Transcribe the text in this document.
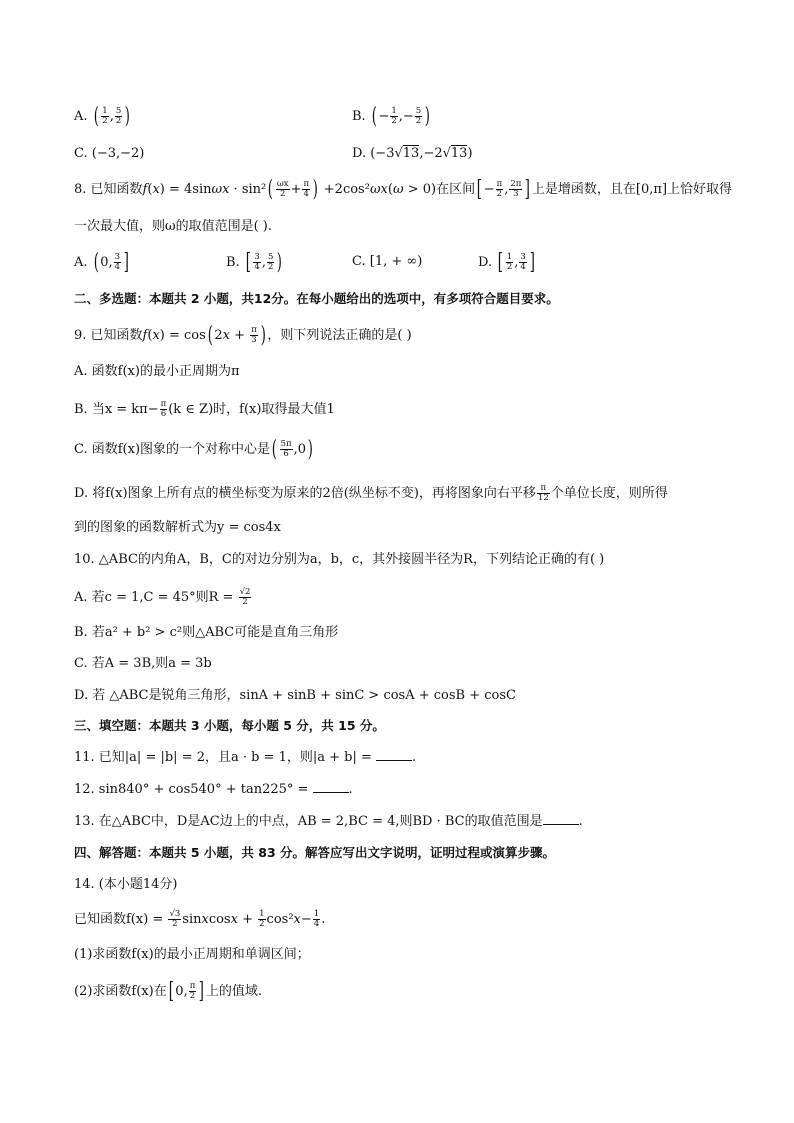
A. ( $\frac{1}{2}$ , $\frac{5}{2}$ )	B. ( − $\frac{1}{2}$ ,− $\frac{5}{2}$ )
C. (−3,−2)	D. (−3√13,−2√13)
8. 已知函数$f(x) = 4\sin\omega x \cdot \sin^2( \frac{\omega x}{2} + \frac{\pi}{4}$ ) +2cos²ωx(ω > 0)在区间[ − $\frac{\pi}{2}$ , $\frac{2\pi}{3}$ ] 上是增函数，且在[0,π]上恰好取得
一次最大值，则ω的取值范围是( ).
A. ( 0, $\frac{3}{4}$ ]	B. [ $\frac{3}{4}$ , $\frac{5}{2}$ )	C. [1, + ∞)	D. [ $\frac{1}{2}$ , $\frac{3}{4}$ ]
二、多选题：本题共 2 小题，共12分。在每小题给出的选项中，有多项符合题目要求。
9. 已知函数f(x) = cos( $2x + \frac{\pi}{3}$ ) ，则下列说法正确的是( )
A. 函数f(x)的最小正周期为π
B. 当$x = k\pi- \frac{\pi}{6} (k$ ∈ Z)时，f(x)取得最大值1
C. 函数f(x)图象的一个对称中心是( $\frac{5\pi}{6} ,0$)
D. 将f(x)图象上所有点的横坐标变为原来的2倍(纵坐标不变)，再将图象向右平移 $\frac{\pi}{12}$ 个单位长度，则所得
到的图象的函数解析式为y = cos4x
10. △ABC的内角A，B，C的对边分别为a，b，c，其外接圆半径为R，下列结论正确的有( )
A. 若c = 1,C = 45°则$R = \frac{√2}{2}$
B. 若a² + b² > c²则△ABC可能是直角三角形
C. 若A = 3B,则a = 3b
D. 若 △ABC是锐角三角形，sinA + sinB + sinC > cosA + cosB + cosC
三、填空题：本题共 3 小题，每小题 5 分，共 15 分。
11. 已知|a| = |b| = 2，且a · b = 1，则|a + b| =	.
12. sin840° + cos540° + tan225° =	.
13. 在△ABC中，D是AC边上的中点，AB = 2,BC = 4,则BD · BC的取值范围是	.
四、解答题：本题共 5 小题，共 83 分。解答应写出文字说明，证明过程或演算步骤。
14. (本小题14分)
已知函数$f(x) = \frac{√3}{2}$ sinxcosx + $\frac{1}{2} \cos^2x- \frac{1}{4}$ .
(1)求函数f(x)的最小正周期和单调区间；
(2)求函数f(x)在[ 0, $\frac{\pi}{2}$ ] 上的值域.
